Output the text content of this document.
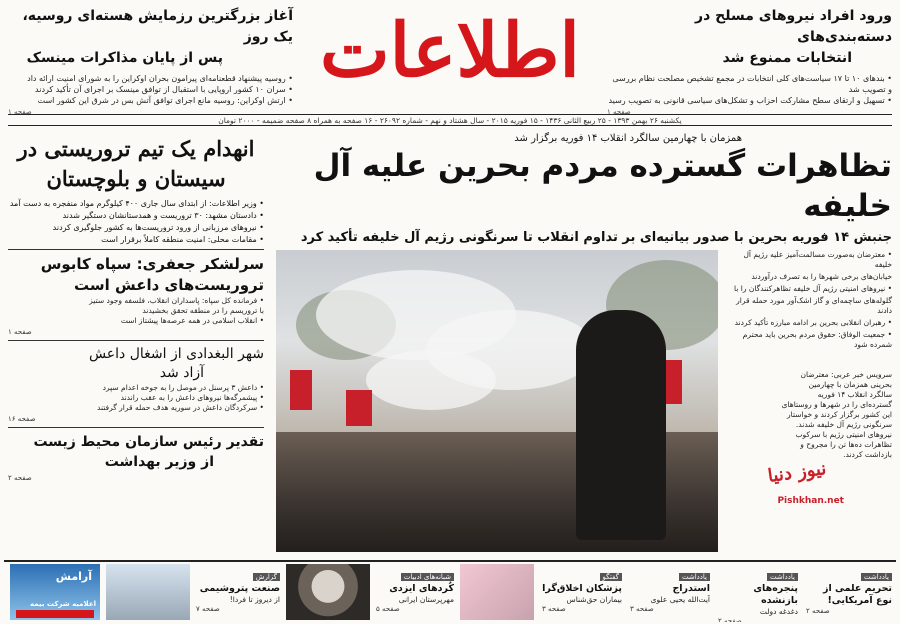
ورود افراد نیروهای مسلح در دسته‌بندی‌های
انتخابات ممنوع شد
• بندهای ۱۰ تا ۱۷ سیاست‌های کلی انتخابات در مجمع تشخیص مصلحت نظام بررسی
و تصویب شد
• تسهیل و ارتقای سطح مشارکت احزاب و تشکل‌های سیاسی قانونی به تصویب رسید
صفحه ۱
اطلاعات
آغاز بزرگترین رزمایش هسته‌ای روسیه، یک روز
پس از پایان مذاکرات مینسک
• روسیه پیشنهاد قطعنامه‌ای پیرامون بحران اوکراین را به شورای امنیت ارائه داد
• سران ۱۰ کشور اروپایی با استقبال از توافق مینسک بر اجرای آن تأکید کردند
• ارتش اوکراین: روسیه مانع اجرای توافق آتش بس در شرق این کشور است
صفحه ۱
یکشنبه ۲۶ بهمن ۱۳۹۳ - ۲۵ ربیع الثانی ۱۴۳۶ - ۱۵ فوریه ۲۰۱۵ - سال هشتاد و نهم - شماره ۲۶۰۹۲ - ۱۶ صفحه به همراه ۸ صفحه ضمیمه - ۲۰۰۰ تومان
همزمان با چهارمین سالگرد انقلاب ۱۴ فوریه برگزار شد
تظاهرات گسترده مردم بحرین علیه آل خلیفه
جنبش ۱۴ فوریه بحرین با صدور بیانیه‌ای بر تداوم انقلاب تا سرنگونی رژیم آل خلیفه تأکید کرد
• معترضان به‌صورت مسالمت‌آمیز علیه رژیم آل خلیفه
خیابان‌های برخی شهرها را به تصرف درآوردند
• نیروهای امنیتی رژیم آل خلیفه تظاهرکنندگان را با
گلوله‌های ساچمه‌ای و گاز اشک‌آور مورد حمله قرار دادند
• رهبران انقلابی بحرین بر ادامه مبارزه تأکید کردند
• جمعیت الوفاق: حقوق مردم بحرین باید محترم شمرده شود
سرویس خبر عربی: معترضان
بحرینی همزمان با چهارمین
سالگرد انقلاب ۱۴ فوریه
گسترده‌ای را در شهرها و روستاهای
این کشور برگزار کردند و خواستار
سرنگونی رژیم آل خلیفه شدند.
نیروهای امنیتی رژیم با سرکوب
تظاهرات ده‌ها تن را مجروح و
بازداشت کردند.
نیوز دنیا
Pishkhan.net
انهدام یک تیم تروریستی در سیستان و بلوچستان
• وزیر اطلاعات: از ابتدای سال جاری ۴۰۰ کیلوگرم مواد منفجره به دست آمد
• دادستان مشهد: ۳۰ تروریست و همدستانشان دستگیر شدند
• نیروهای مرزبانی از ورود تروریست‌ها به کشور جلوگیری کردند
• مقامات محلی: امنیت منطقه کاملاً برقرار است
سرلشکر جعفری: سپاه کابوس
تروریست‌های داعش است
• فرمانده کل سپاه: پاسداران انقلاب، فلسفه وجود ستیز
با تروریسم را در منطقه تحقق بخشیدند
• انقلاب اسلامی در همه عرصه‌ها پیشتاز است
صفحه ۱
شهر البغدادی از اشغال داعش
آزاد شد
• داعش ۳ پرسنل در موصل را به جوخه اعدام سپرد
• پیشمرگه‌ها نیروهای داعش را به عقب راندند
• سرکردگان داعش در سوریه هدف حمله قرار گرفتند
صفحه ۱۶
تقدیر رئیس سازمان محیط زیست
از وزیر بهداشت
صفحه ۲
یادداشت
تحریم علمی از نوع آمریکایی!
صفحه ۲
یادداشت
پنجره‌های بازنشده
دغدغه دولت
صفحه ۲
یادداشت
استدراج
آیت‌الله یحیی علوی
صفحه ۳
گفتگو
پزشکان اخلاق‌گرا
بیماران حق‌شناس
صفحه ۳
شبانه‌های ادبیات
کُردهای ایزدی
مهرپرستان ایرانی
صفحه ۵
گزارش
صنعت پتروشیمی
از دیروز تا فردا!
صفحه ۷
آرامش
اعلامیه شرکت بیمه
